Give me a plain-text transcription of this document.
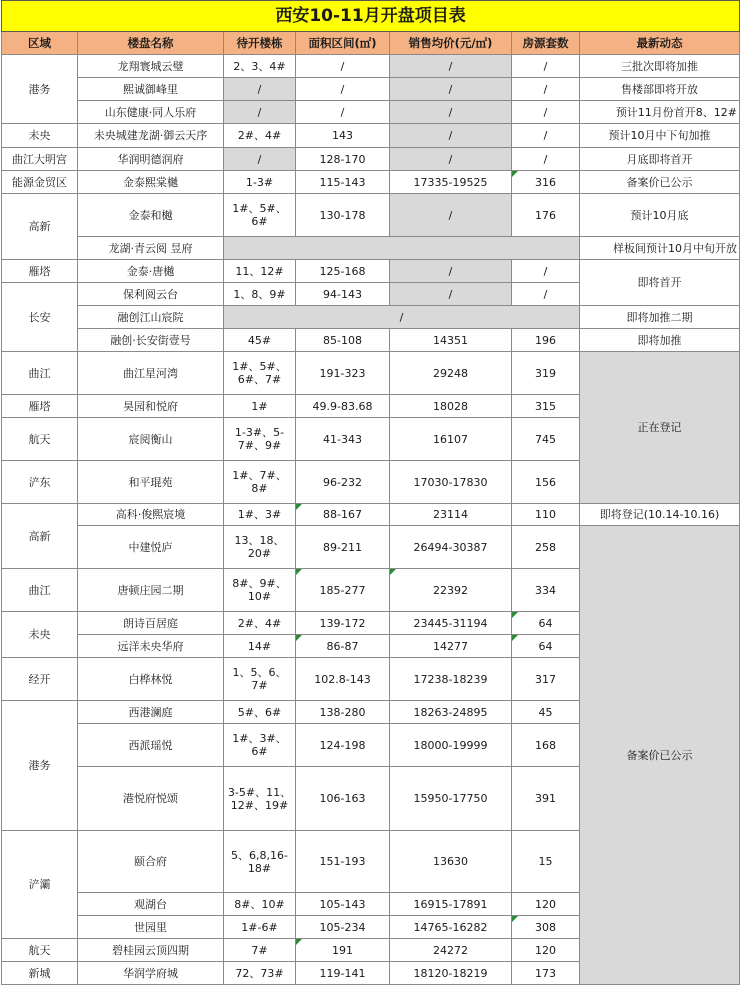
西安10-11月开盘项目表						
区域	楼盘名称	待开楼栋	面积区间(㎡)	销售均价(元/㎡)	房源套数	最新动态
港务	龙翔寰城云璧	2、3、4#	/	/	/	三批次即将加推
	熙诚御峰里	/	/	/	/	售楼部即将开放
	山东健康·同人乐府	/	/	/	/	预计11月份首开8、12#
未央	未央城建龙湖·御云天序	2#、4#	143	/	/	预计10月中下旬加推
曲江大明宫	华润明德润府	/	128-170	/	/	月底即将首开
能源金贸区	金泰熙棠樾	1-3#	115-143	17335-19525	316	备案价已公示
高新	金泰和樾	1#、5#、6#	130-178	/	176	预计10月底
	龙湖·青云阅 昱府					样板间预计10月中旬开放
雁塔	金泰·唐樾	11、12#	125-168	/	/	即将首开
长安	保利阅云台	1、8、9#	94-143	/	/	
	融创江山宸院	/				即将加推二期
	融创·长安街壹号	45#	85-108	14351	196	即将加推
曲江	曲江星河湾	1#、5#、6#、7#	191-323	29248	319	正在登记
雁塔	昊园和悦府	1#	49.9-83.68	18028	315	
航天	宸阅衡山	1-3#、5-7#、9#	41-343	16107	745	
浐东	和平琨苑	1#、7#、8#	96-232	17030-17830	156	
高新	高科·俊熙宸境	1#、3#	88-167	23114	110	即将登记(10.14-10.16)
	中建悦庐	13、18、20#	89-211	26494-30387	258	备案价已公示
曲江	唐顿庄园二期	8#、9#、10#	185-277	22392	334	
未央	朗诗百居庭	2#、4#	139-172	23445-31194	64	
	远洋未央华府	14#	86-87	14277	64	
经开	白桦林悦	1、5、6、7#	102.8-143	17238-18239	317	
港务	西港澜庭	5#、6#	138-280	18263-24895	45	
	西派瑶悦	1#、3#、6#	124-198	18000-19999	168	
	港悦府悦颂	3-5#、11、12#、19#	106-163	15950-17750	391	
浐灞	颐合府	5、6,8,16-18#	151-193	13630	15	
	观湖台	8#、10#	105-143	16915-17891	120	
	世园里	1#-6#	105-234	14765-16282	308	
航天	碧桂园云顶四期	7#	191	24272	120	
新城	华润学府城	72、73#	119-141	18120-18219	173	
